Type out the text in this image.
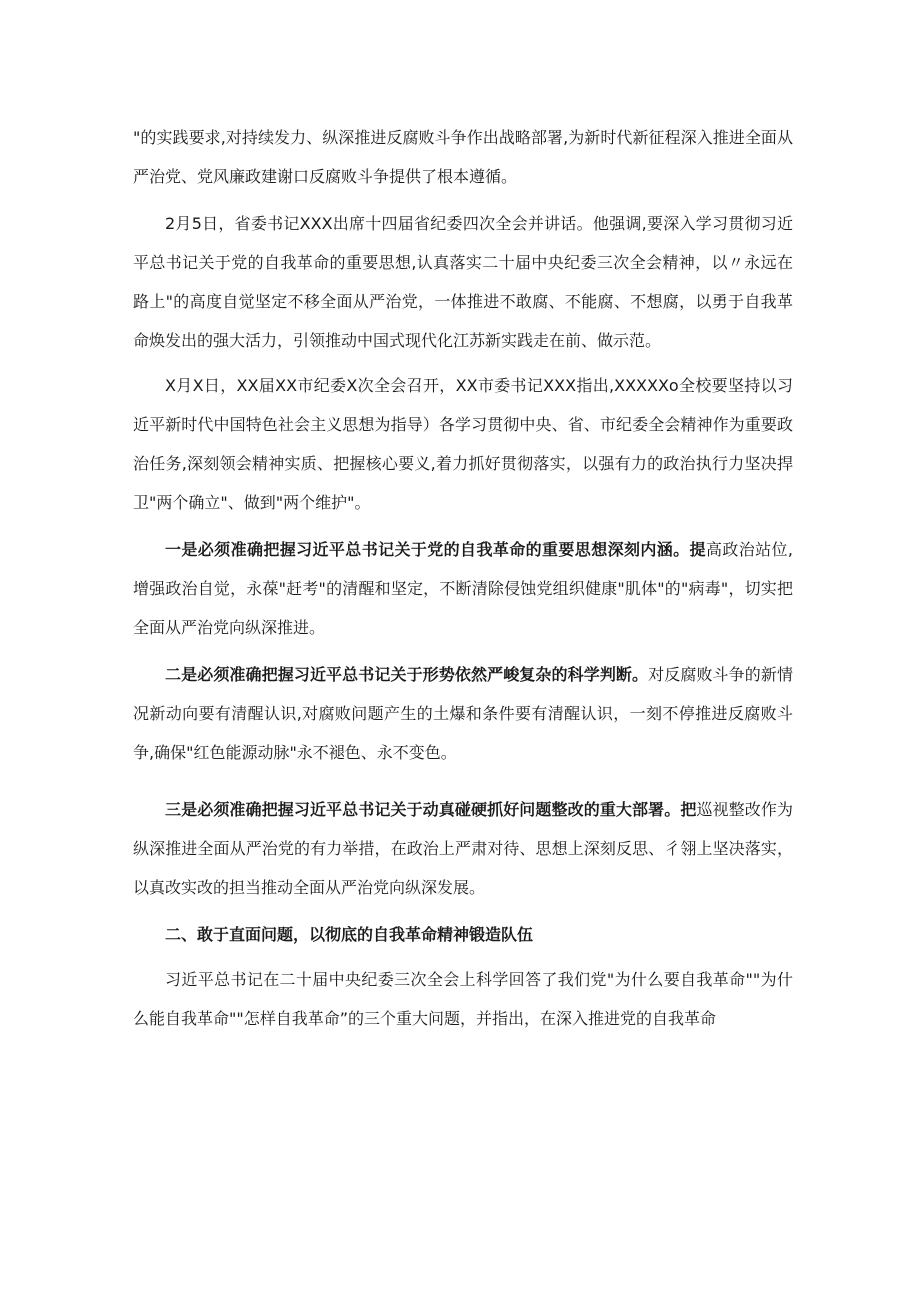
"的实践要求,对持续发力、纵深推进反腐败斗争作出战略部署,为新时代新征程深入推进全面从严治党、党风廉政建谢口反腐败斗争提供了根本遵循。

2月5日，省委书记XXX出席十四届省纪委四次全会并讲话。他强调,要深入学习贯彻习近平总书记关于党的自我革命的重要思想,认真落实二十届中央纪委三次全会精神，以〃永远在路上"的高度自觉坚定不移全面从严治党，一体推进不敢腐、不能腐、不想腐，以勇于自我革命焕发出的强大活力，引领推动中国式现代化江苏新实践走在前、做示范。

X月X日，XX届XX市纪委X次全会召开，XX市委书记XXX指出,XXXXXo全校要坚持以习近平新时代中国特色社会主义思想为指导）各学习贯彻中央、省、市纪委全会精神作为重要政治任务,深刻领会精神实质、把握核心要义,着力抓好贯彻落实，以强有力的政治执行力坚决捍卫"两个确立"、做到"两个维护"。

一是必须准确把握习近平总书记关于党的自我革命的重要思想深刻内涵。提高政治站位,增强政治自觉，永葆"赶考"的清醒和坚定，不断清除侵蚀党组织健康"肌体"的"病毒"，切实把全面从严治党向纵深推进。

二是必须准确把握习近平总书记关于形势依然严峻复杂的科学判断。对反腐败斗争的新情况新动向要有清醒认识,对腐败问题产生的土爆和条件要有清醒认识，一刻不停推进反腐败斗争,确保"红色能源动脉"永不褪色、永不变色。

三是必须准确把握习近平总书记关于动真碰硬抓好问题整改的重大部署。把巡视整改作为纵深推进全面从严治党的有力举措，在政治上严肃对待、思想上深刻反思、彳翎上坚决落实，以真改实改的担当推动全面从严治党向纵深发展。

二、敢于直面问题，以彻底的自我革命精神锻造队伍

习近平总书记在二十届中央纪委三次全会上科学回答了我们党"为什么要自我革命""为什么能自我革命""怎样自我革命”的三个重大问题，并指出，在深入推进党的自我革命
